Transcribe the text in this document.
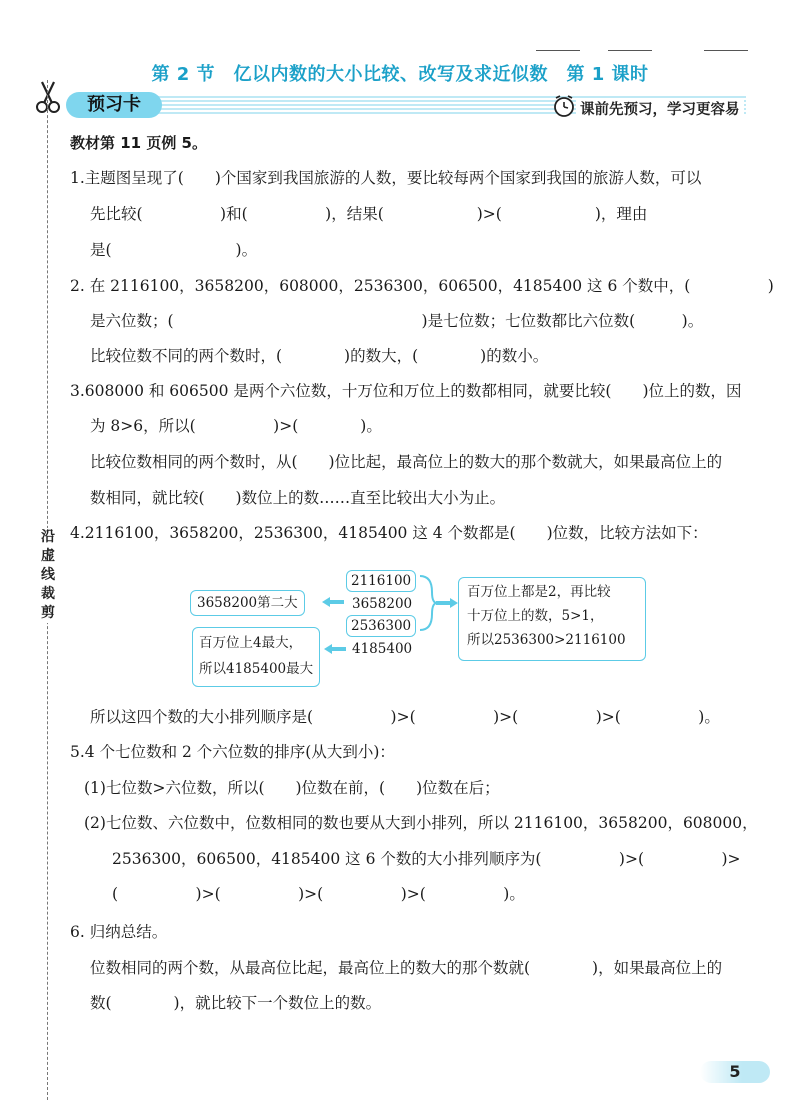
第 2 节　亿以内数的大小比较、改写及求近似数　第 1 课时
预习卡	课前先预习，学习更容易
沿虚线裁剪
教材第 11 页例 5。
1.主题图呈现了(　　)个国家到我国旅游的人数，要比较每两个国家到我国的旅游人数，可以
先比较(　　　　　)和(　　　　　)，结果(　　　　　　)>(　　　　　　)，理由
是(　　　　　　　　)。
2. 在 2116100，3658200，608000，2536300，606500，4185400 这 6 个数中，(　　　　　)
是六位数；(　　　　　　　　　　　　　　　　)是七位数；七位数都比六位数(　　　)。
比较位数不同的两个数时，(　　　　)的数大，(　　　　)的数小。
3.608000 和 606500 是两个六位数，十万位和万位上的数都相同，就要比较(　　)位上的数，因
为 8>6，所以(　　　　　)>(　　　　)。
比较位数相同的两个数时，从(　　)位比起，最高位上的数大的那个数就大，如果最高位上的
数相同，就比较(　　)数位上的数……直至比较出大小为止。
4.2116100，3658200，2536300，4185400 这 4 个数都是(　　)位数，比较方法如下：
3658200第二大
2116100
3658200
2536300
4185400
百万位上都是2，再比较
十万位上的数，5>1，
所以2536300>2116100
百万位上4最大，
所以4185400最大
所以这四个数的大小排列顺序是(　　　　　)>(　　　　　)>(　　　　　)>(　　　　　)。
5.4 个七位数和 2 个六位数的排序(从大到小)：
(1)七位数>六位数，所以(　　)位数在前，(　　)位数在后；
(2)七位数、六位数中，位数相同的数也要从大到小排列，所以 2116100，3658200，608000，
2536300，606500，4185400 这 6 个数的大小排列顺序为(　　　　　)>(　　　　　)>
(　　　　　)>(　　　　　)>(　　　　　)>(　　　　　)。
6. 归纳总结。
位数相同的两个数，从最高位比起，最高位上的数大的那个数就(　　　　)，如果最高位上的
数(　　　　)，就比较下一个数位上的数。
5
